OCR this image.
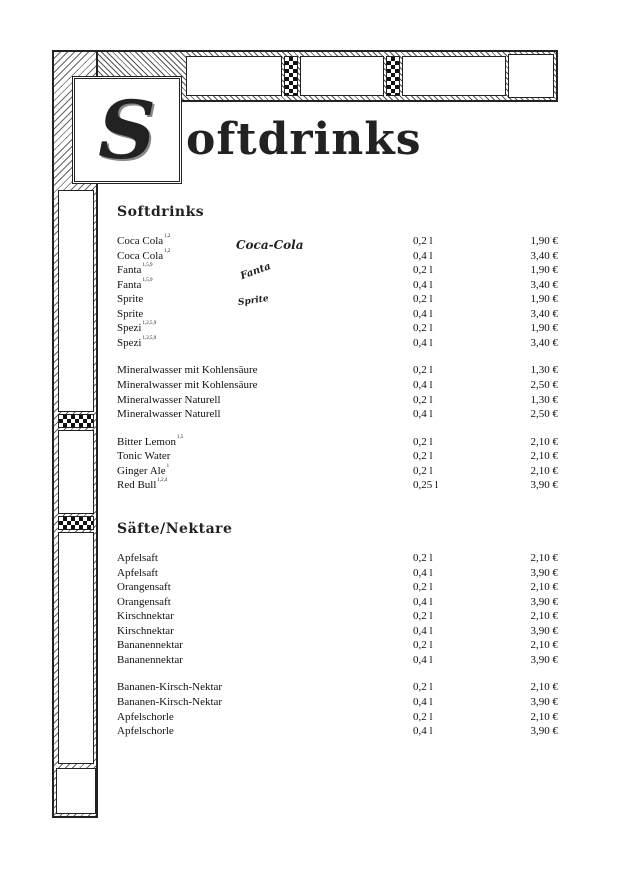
S oftdrinks
Coca-Cola
Fanta
Sprite
Softdrinks
Coca Cola$^{1,2}$	0,2 l	1,90 €
Coca Cola$^{1,2}$	0,4 l	3,40 €
Fanta$^{1,5,9}$	0,2 l	1,90 €
Fanta$^{1,5,9}$	0,4 l	3,40 €
Sprite	0,2 l	1,90 €
Sprite	0,4 l	3,40 €
Spezi$^{1,2,5,9}$	0,2 l	1,90 €
Spezi$^{1,2,5,9}$	0,4 l	3,40 €
Mineralwasser mit Kohlensäure	0,2 l	1,30 €
Mineralwasser mit Kohlensäure	0,4 l	2,50 €
Mineralwasser Naturell	0,2 l	1,30 €
Mineralwasser Naturell	0,4 l	2,50 €
Bitter Lemon$^{1,5}$	0,2 l	2,10 €
Tonic Water	0,2 l	2,10 €
Ginger Ale$^1$	0,2 l	2,10 €
Red Bull$^{1,2,4}$	0,25 l	3,90 €
Säfte/Nektare
Apfelsaft	0,2 l	2,10 €
Apfelsaft	0,4 l	3,90 €
Orangensaft	0,2 l	2,10 €
Orangensaft	0,4 l	3,90 €
Kirschnektar	0,2 l	2,10 €
Kirschnektar	0,4 l	3,90 €
Bananennektar	0,2 l	2,10 €
Bananennektar	0,4 l	3,90 €
Bananen-Kirsch-Nektar	0,2 l	2,10 €
Bananen-Kirsch-Nektar	0,4 l	3,90 €
Apfelschorle	0,2 l	2,10 €
Apfelschorle	0,4 l	3,90 €
